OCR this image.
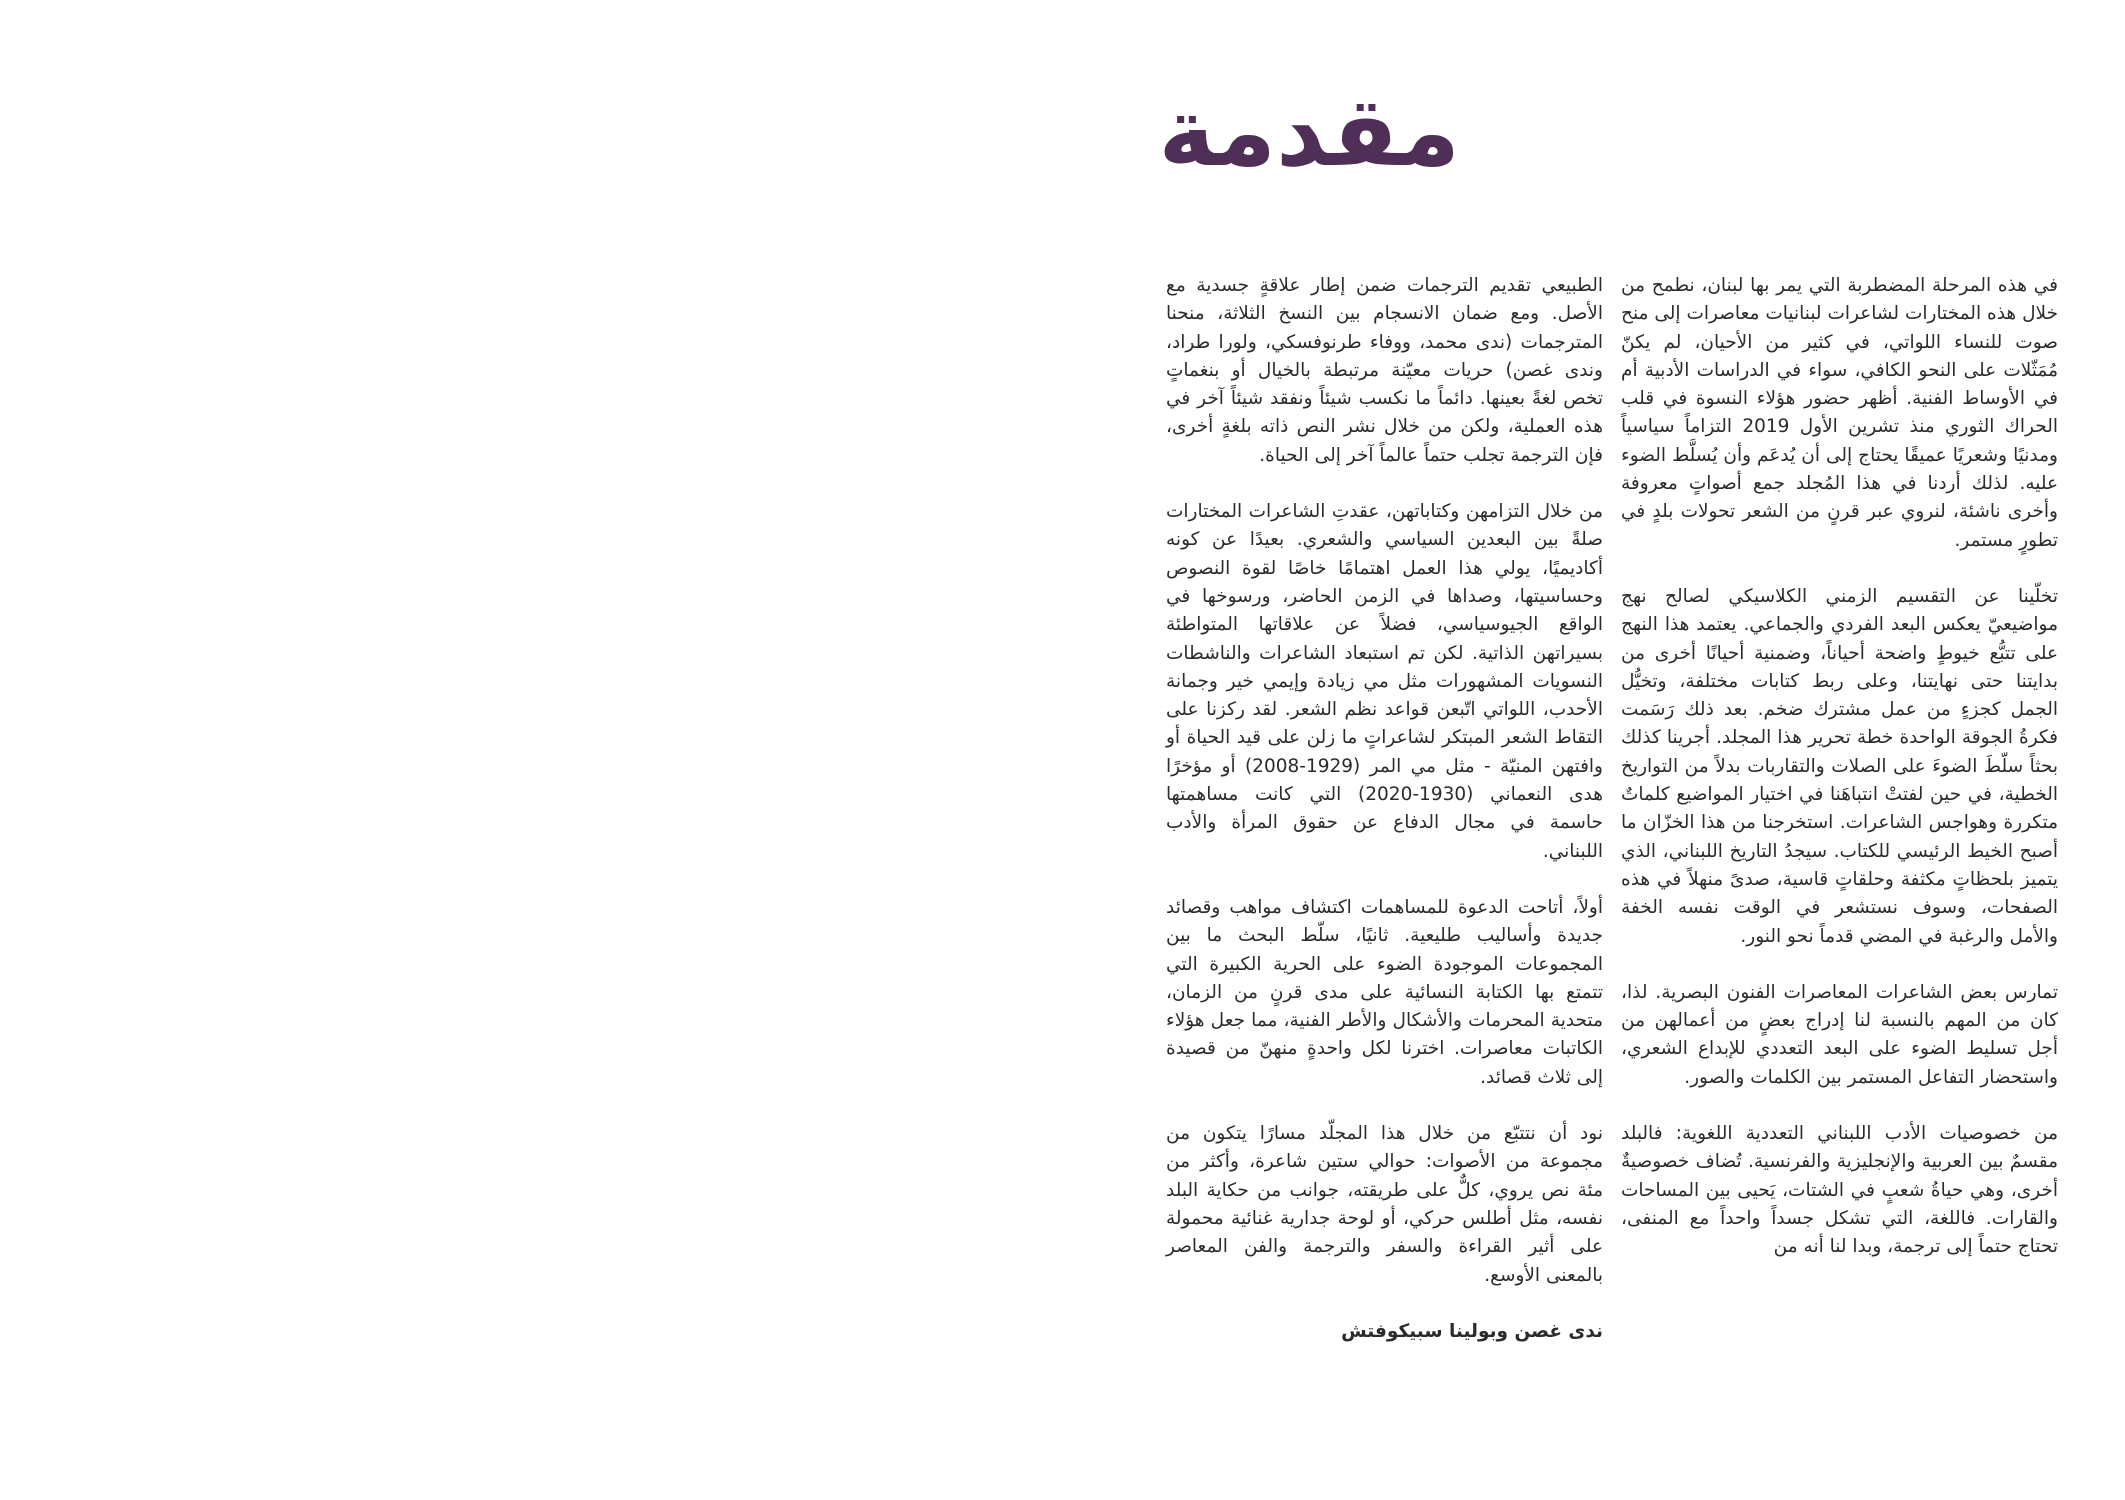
مقدمة

في هذه المرحلة المضطربة التي يمر بها لبنان، نطمح من خلال هذه المختارات لشاعرات لبنانيات معاصرات إلى منح صوت للنساء اللواتي، في كثير من الأحيان، لم يكنّ مُمَثّلات على النحو الكافي، سواء في الدراسات الأدبية أم في الأوساط الفنية. أظهر حضور هؤلاء النسوة في قلب الحراك الثوري منذ تشرين الأول 2019 التزاماً سياسياً ومدنيًا وشعريًا عميقًا يحتاج إلى أن يُدعَم وأن يُسلَّط الضوء عليه. لذلك أردنا في هذا المُجلد جمع أصواتٍ معروفة وأخرى ناشئة، لنروي عبر قرنٍ من الشعر تحولات بلدٍ في تطورٍ مستمر.

تخلّينا عن التقسيم الزمني الكلاسيكي لصالح نهج مواضيعيّ يعكس البعد الفردي والجماعي. يعتمد هذا النهج على تتبُّع خيوطٍ واضحة أحياناً، وضمنية أحيانًا أخرى من بدايتنا حتى نهايتنا، وعلى ربط كتابات مختلفة، وتخيُّل الجمل كجزءٍ من عمل مشترك ضخم. بعد ذلك رَسَمت فكرةُ الجوقة الواحدة خطة تحرير هذا المجلد. أجرينا كذلك بحثاً سلّطَ الضوءَ على الصلات والتقاربات بدلاً من التواريخ الخطية، في حين لفتتْ انتباهَنا في اختيار المواضيع كلماتٌ متكررة وهواجس الشاعرات. استخرجنا من هذا الخزّان ما أصبح الخيط الرئيسي للكتاب. سيجدُ التاريخ اللبناني، الذي يتميز بلحظاتٍ مكثفة وحلقاتٍ قاسية، صدىً منهلاً في هذه الصفحات، وسوف نستشعر في الوقت نفسه الخفة والأمل والرغبة في المضي قدماً نحو النور.

تمارس بعض الشاعرات المعاصرات الفنون البصرية. لذا، كان من المهم بالنسبة لنا إدراج بعضٍ من أعمالهن من أجل تسليط الضوء على البعد التعددي للإبداع الشعري، واستحضار التفاعل المستمر بين الكلمات والصور.

من خصوصيات الأدب اللبناني التعددية اللغوية: فالبلد مقسمٌ بين العربية والإنجليزية والفرنسية. تُضاف خصوصيةٌ أخرى، وهي حياةُ شعبٍ في الشتات، يَحيى بين المساحات والقارات. فاللغة، التي تشكل جسداً واحداً مع المنفى، تحتاج حتماً إلى ترجمة، وبدا لنا أنه من

الطبيعي تقديم الترجمات ضمن إطار علاقةٍ جسدية مع الأصل. ومع ضمان الانسجام بين النسخ الثلاثة، منحنا المترجمات (ندى محمد، ووفاء طرنوفسكي، ولورا طراد، وندى غصن) حريات معيّنة مرتبطة بالخيال أو بنغماتٍ تخص لغةً بعينها. دائماً ما نكسب شيئاً ونفقد شيئاً آخر في هذه العملية، ولكن من خلال نشر النص ذاته بلغةٍ أخرى، فإن الترجمة تجلب حتماً عالماً آخر إلى الحياة.

من خلال التزامهن وكتاباتهن، عقدتِ الشاعرات المختارات صلةً بين البعدين السياسي والشعري. بعيدًا عن كونه أكاديميًا، يولي هذا العمل اهتمامًا خاصًا لقوة النصوص وحساسيتها، وصداها في الزمن الحاضر، ورسوخها في الواقع الجيوسياسي، فضلاً عن علاقاتها المتواطئة بسيراتهن الذاتية. لكن تم استبعاد الشاعرات والناشطات النسويات المشهورات مثل مي زيادة وإيمي خير وجمانة الأحدب، اللواتي اتّبعن قواعد نظم الشعر. لقد ركزنا على التقاط الشعر المبتكر لشاعراتٍ ما زلن على قيد الحياة أو وافتهن المنيّة - مثل مي المر (1929-2008) أو مؤخرًا هدى النعماني (1930-2020) التي كانت مساهمتها حاسمة في مجال الدفاع عن حقوق المرأة والأدب اللبناني.

أولاً، أتاحت الدعوة للمساهمات اكتشاف مواهب وقصائد جديدة وأساليب طليعية. ثانيًا، سلّط البحث ما بين المجموعات الموجودة الضوء على الحرية الكبيرة التي تتمتع بها الكتابة النسائية على مدى قرنٍ من الزمان، متحدية المحرمات والأشكال والأطر الفنية، مما جعل هؤلاء الكاتبات معاصرات. اخترنا لكل واحدةٍ منهنّ من قصيدة إلى ثلاث قصائد.

نود أن نتتبّع من خلال هذا المجلّد مسارًا يتكون من مجموعة من الأصوات: حوالي ستين شاعرة، وأكثر من مئة نص يروي، كلٌّ على طريقته، جوانب من حكاية البلد نفسه، مثل أطلس حركي، أو لوحة جدارية غنائية محمولة على أثير القراءة والسفر والترجمة والفن المعاصر بالمعنى الأوسع.

ندى غصن وبولينا سبيكوفتش
